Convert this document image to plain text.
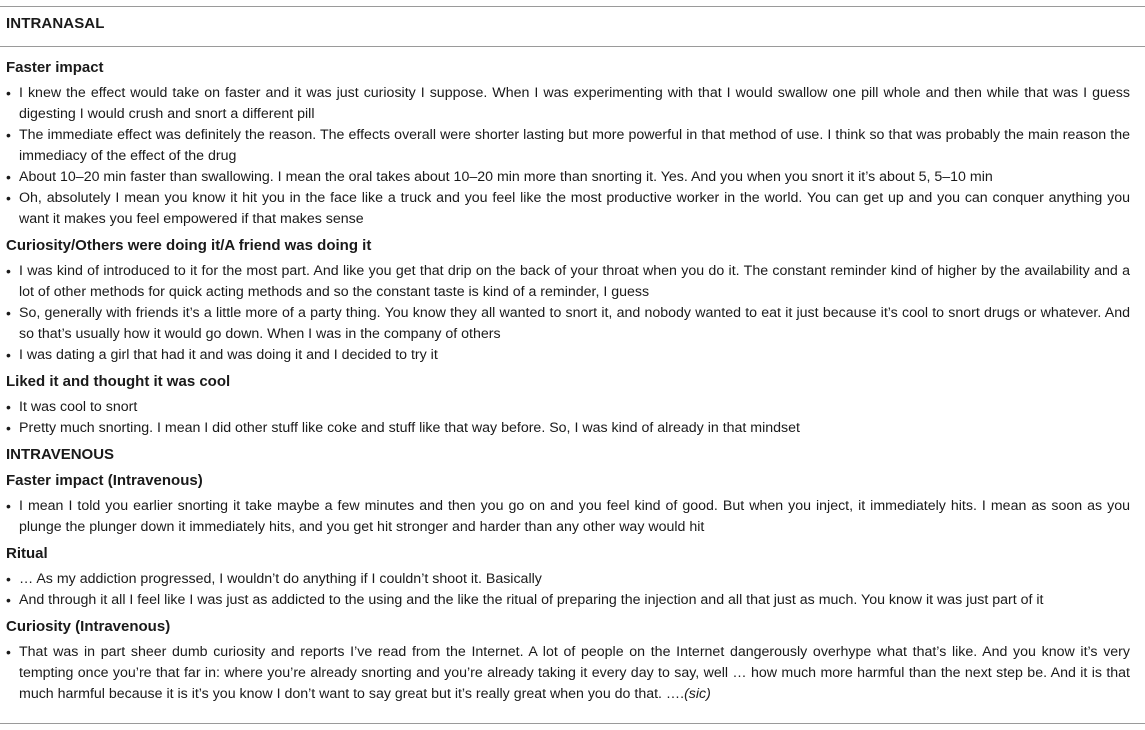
INTRANASAL
Faster impact
• I knew the effect would take on faster and it was just curiosity I suppose. When I was experimenting with that I would swallow one pill whole and then while that was I guess digesting I would crush and snort a different pill
• The immediate effect was definitely the reason. The effects overall were shorter lasting but more powerful in that method of use. I think so that was probably the main reason the immediacy of the effect of the drug
• About 10–20 min faster than swallowing. I mean the oral takes about 10–20 min more than snorting it. Yes. And you when you snort it it’s about 5, 5–10 min
• Oh, absolutely I mean you know it hit you in the face like a truck and you feel like the most productive worker in the world. You can get up and you can conquer anything you want it makes you feel empowered if that makes sense
Curiosity/Others were doing it/A friend was doing it
• I was kind of introduced to it for the most part. And like you get that drip on the back of your throat when you do it. The constant reminder kind of higher by the availability and a lot of other methods for quick acting methods and so the constant taste is kind of a reminder, I guess
• So, generally with friends it’s a little more of a party thing. You know they all wanted to snort it, and nobody wanted to eat it just because it’s cool to snort drugs or whatever. And so that’s usually how it would go down. When I was in the company of others
• I was dating a girl that had it and was doing it and I decided to try it
Liked it and thought it was cool
• It was cool to snort
• Pretty much snorting. I mean I did other stuff like coke and stuff like that way before. So, I was kind of already in that mindset
INTRAVENOUS
Faster impact (Intravenous)
• I mean I told you earlier snorting it take maybe a few minutes and then you go on and you feel kind of good. But when you inject, it immediately hits. I mean as soon as you plunge the plunger down it immediately hits, and you get hit stronger and harder than any other way would hit
Ritual
• … As my addiction progressed, I wouldn’t do anything if I couldn’t shoot it. Basically
• And through it all I feel like I was just as addicted to the using and the like the ritual of preparing the injection and all that just as much. You know it was just part of it
Curiosity (Intravenous)
• That was in part sheer dumb curiosity and reports I’ve read from the Internet. A lot of people on the Internet dangerously overhype what that’s like. And you know it’s very tempting once you’re that far in: where you’re already snorting and you’re already taking it every day to say, well … how much more harmful than the next step be. And it is that much harmful because it is it’s you know I don’t want to say great but it’s really great when you do that. ….(sic)
